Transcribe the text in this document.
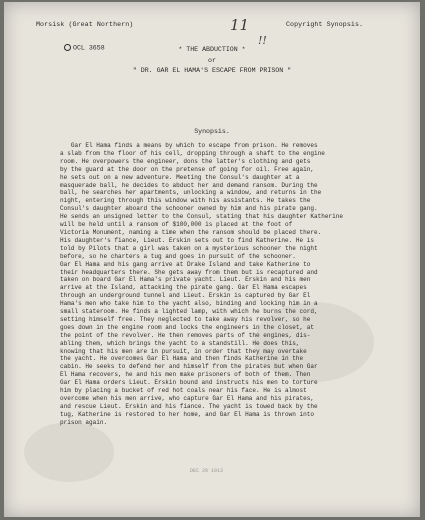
Morsisk (Great Northern)	Copyright Synopsis.
OCL 3658
11
!!
* THE ABDUCTION *
or
" DR. GAR EL HAMA'S ESCAPE FROM PRISON "
Synopsis.
Gar El Hama finds a means by which to escape from prison. He removes
a slab from the floor of his cell, dropping through a shaft to the engine
room. He overpowers the engineer, dons the latter's clothing and gets
by the guard at the door on the pretense of going for oil. Free again,
he sets out on a new adventure. Meeting the Consul's daughter at a
masquerade ball, he decides to abduct her and demand ransom. During the
ball, he searches her apartments, unlocking a window, and returns in the
night, entering through this window with his assistants. He takes the
Consul's daughter aboard the schooner owned by him and his pirate gang.
He sends an unsigned letter to the Consul, stating that his daughter Katherine
will be held until a ransom of $100,000 is placed at the foot of
Victoria Monument, naming a time when the ransom should be placed there.
His daughter's fiance, Lieut. Erskin sets out to find Katherine. He is
told by Pilots that a girl was taken on a mysterious schooner the night
before, so he charters a tug and goes in pursuit of the schooner.
Gar El Hama and his gang arrive at Drake Island and take Katherine to
their headquarters there. She gets away from them but is recaptured and
taken on board Gar El Hama's private yacht. Lieut. Erskin and his men
arrive at the Island, attacking the pirate gang. Gar El Hama escapes
through an underground tunnel and Lieut. Erskin is captured by Gar El
Hama's men who take him to the yacht also, binding and locking him in a
small stateroom. He finds a lighted lamp, with which he burns the cord,
setting himself free. They neglected to take away his revolver, so he
goes down in the engine room and locks the engineers in the closet, at
the point of the revolver. He then removes parts of the engines, dis-
abling them, which brings the yacht to a standstill. He does this,
knowing that his men are in pursuit, in order that they may overtake
the yacht. He overcomes Gar El Hama and then finds Katherine in the
cabin. He seeks to defend her and himself from the pirates but when Gar
El Hama recovers, he and his men make prisoners of both of them. Then
Gar El Hama orders Lieut. Erskin bound and instructs his men to torture
him by placing a bucket of red hot coals near his face. He is almost
overcome when his men arrive, who capture Gar El Hama and his pirates,
and rescue Lieut. Erskin and his fiance. The yacht is towed back by the
tug, Katherine is restored to her home, and Gar El Hama is thrown into
prison again.
DEC 20 1913
